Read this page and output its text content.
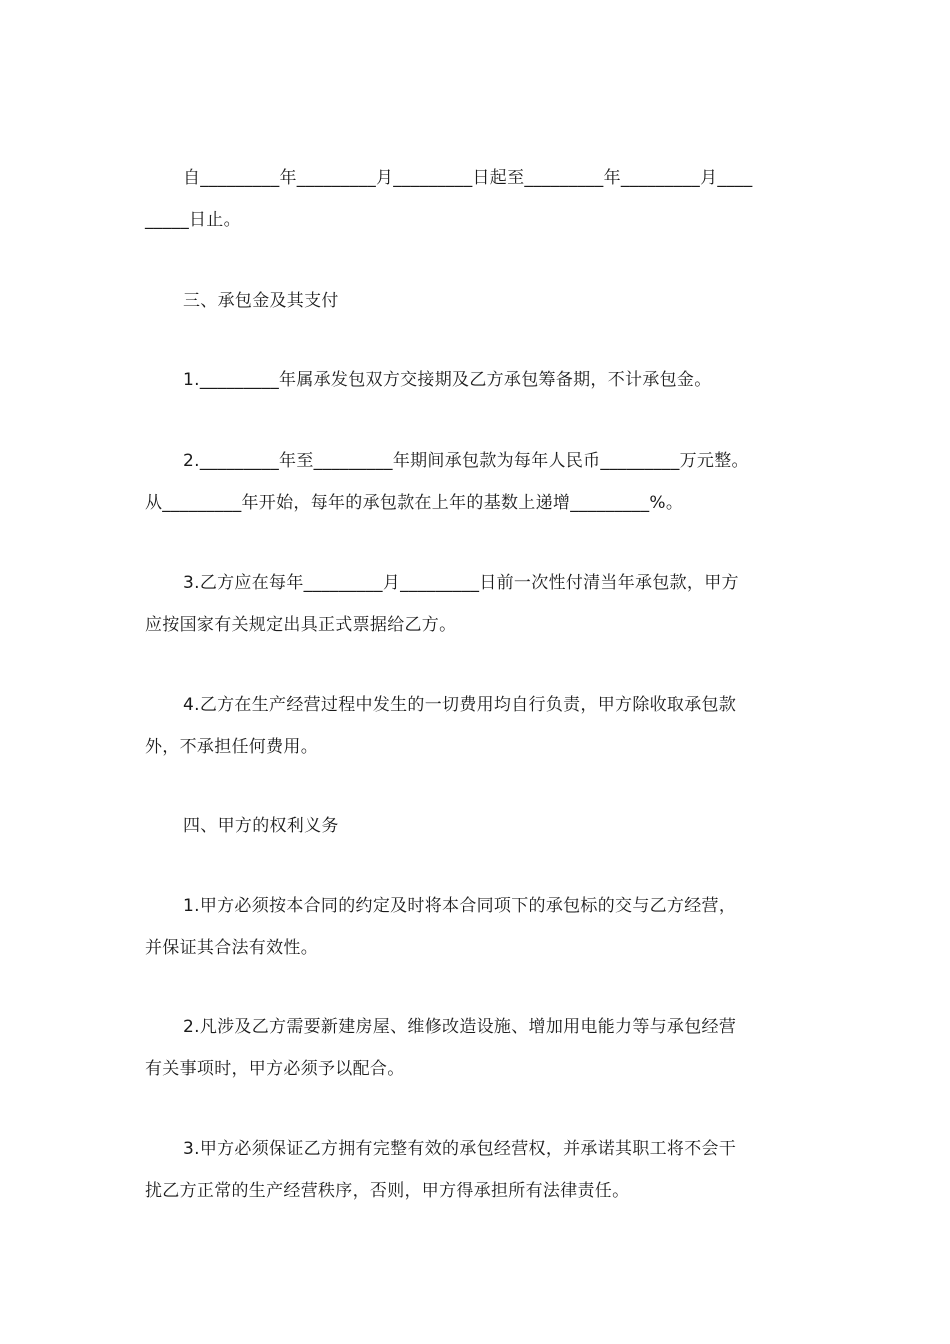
自_________年_________月_________日起至_________年_________月____
_____日止。
三、承包金及其支付
1._________年属承发包双方交接期及乙方承包筹备期，不计承包金。
2._________年至_________年期间承包款为每年人民币_________万元整。
从_________年开始，每年的承包款在上年的基数上递增_________%。
3.乙方应在每年_________月_________日前一次性付清当年承包款，甲方
应按国家有关规定出具正式票据给乙方。
4.乙方在生产经营过程中发生的一切费用均自行负责，甲方除收取承包款
外，不承担任何费用。
四、甲方的权利义务
1.甲方必须按本合同的约定及时将本合同项下的承包标的交与乙方经营，
并保证其合法有效性。
2.凡涉及乙方需要新建房屋、维修改造设施、增加用电能力等与承包经营
有关事项时，甲方必须予以配合。
3.甲方必须保证乙方拥有完整有效的承包经营权，并承诺其职工将不会干
扰乙方正常的生产经营秩序，否则，甲方得承担所有法律责任。
